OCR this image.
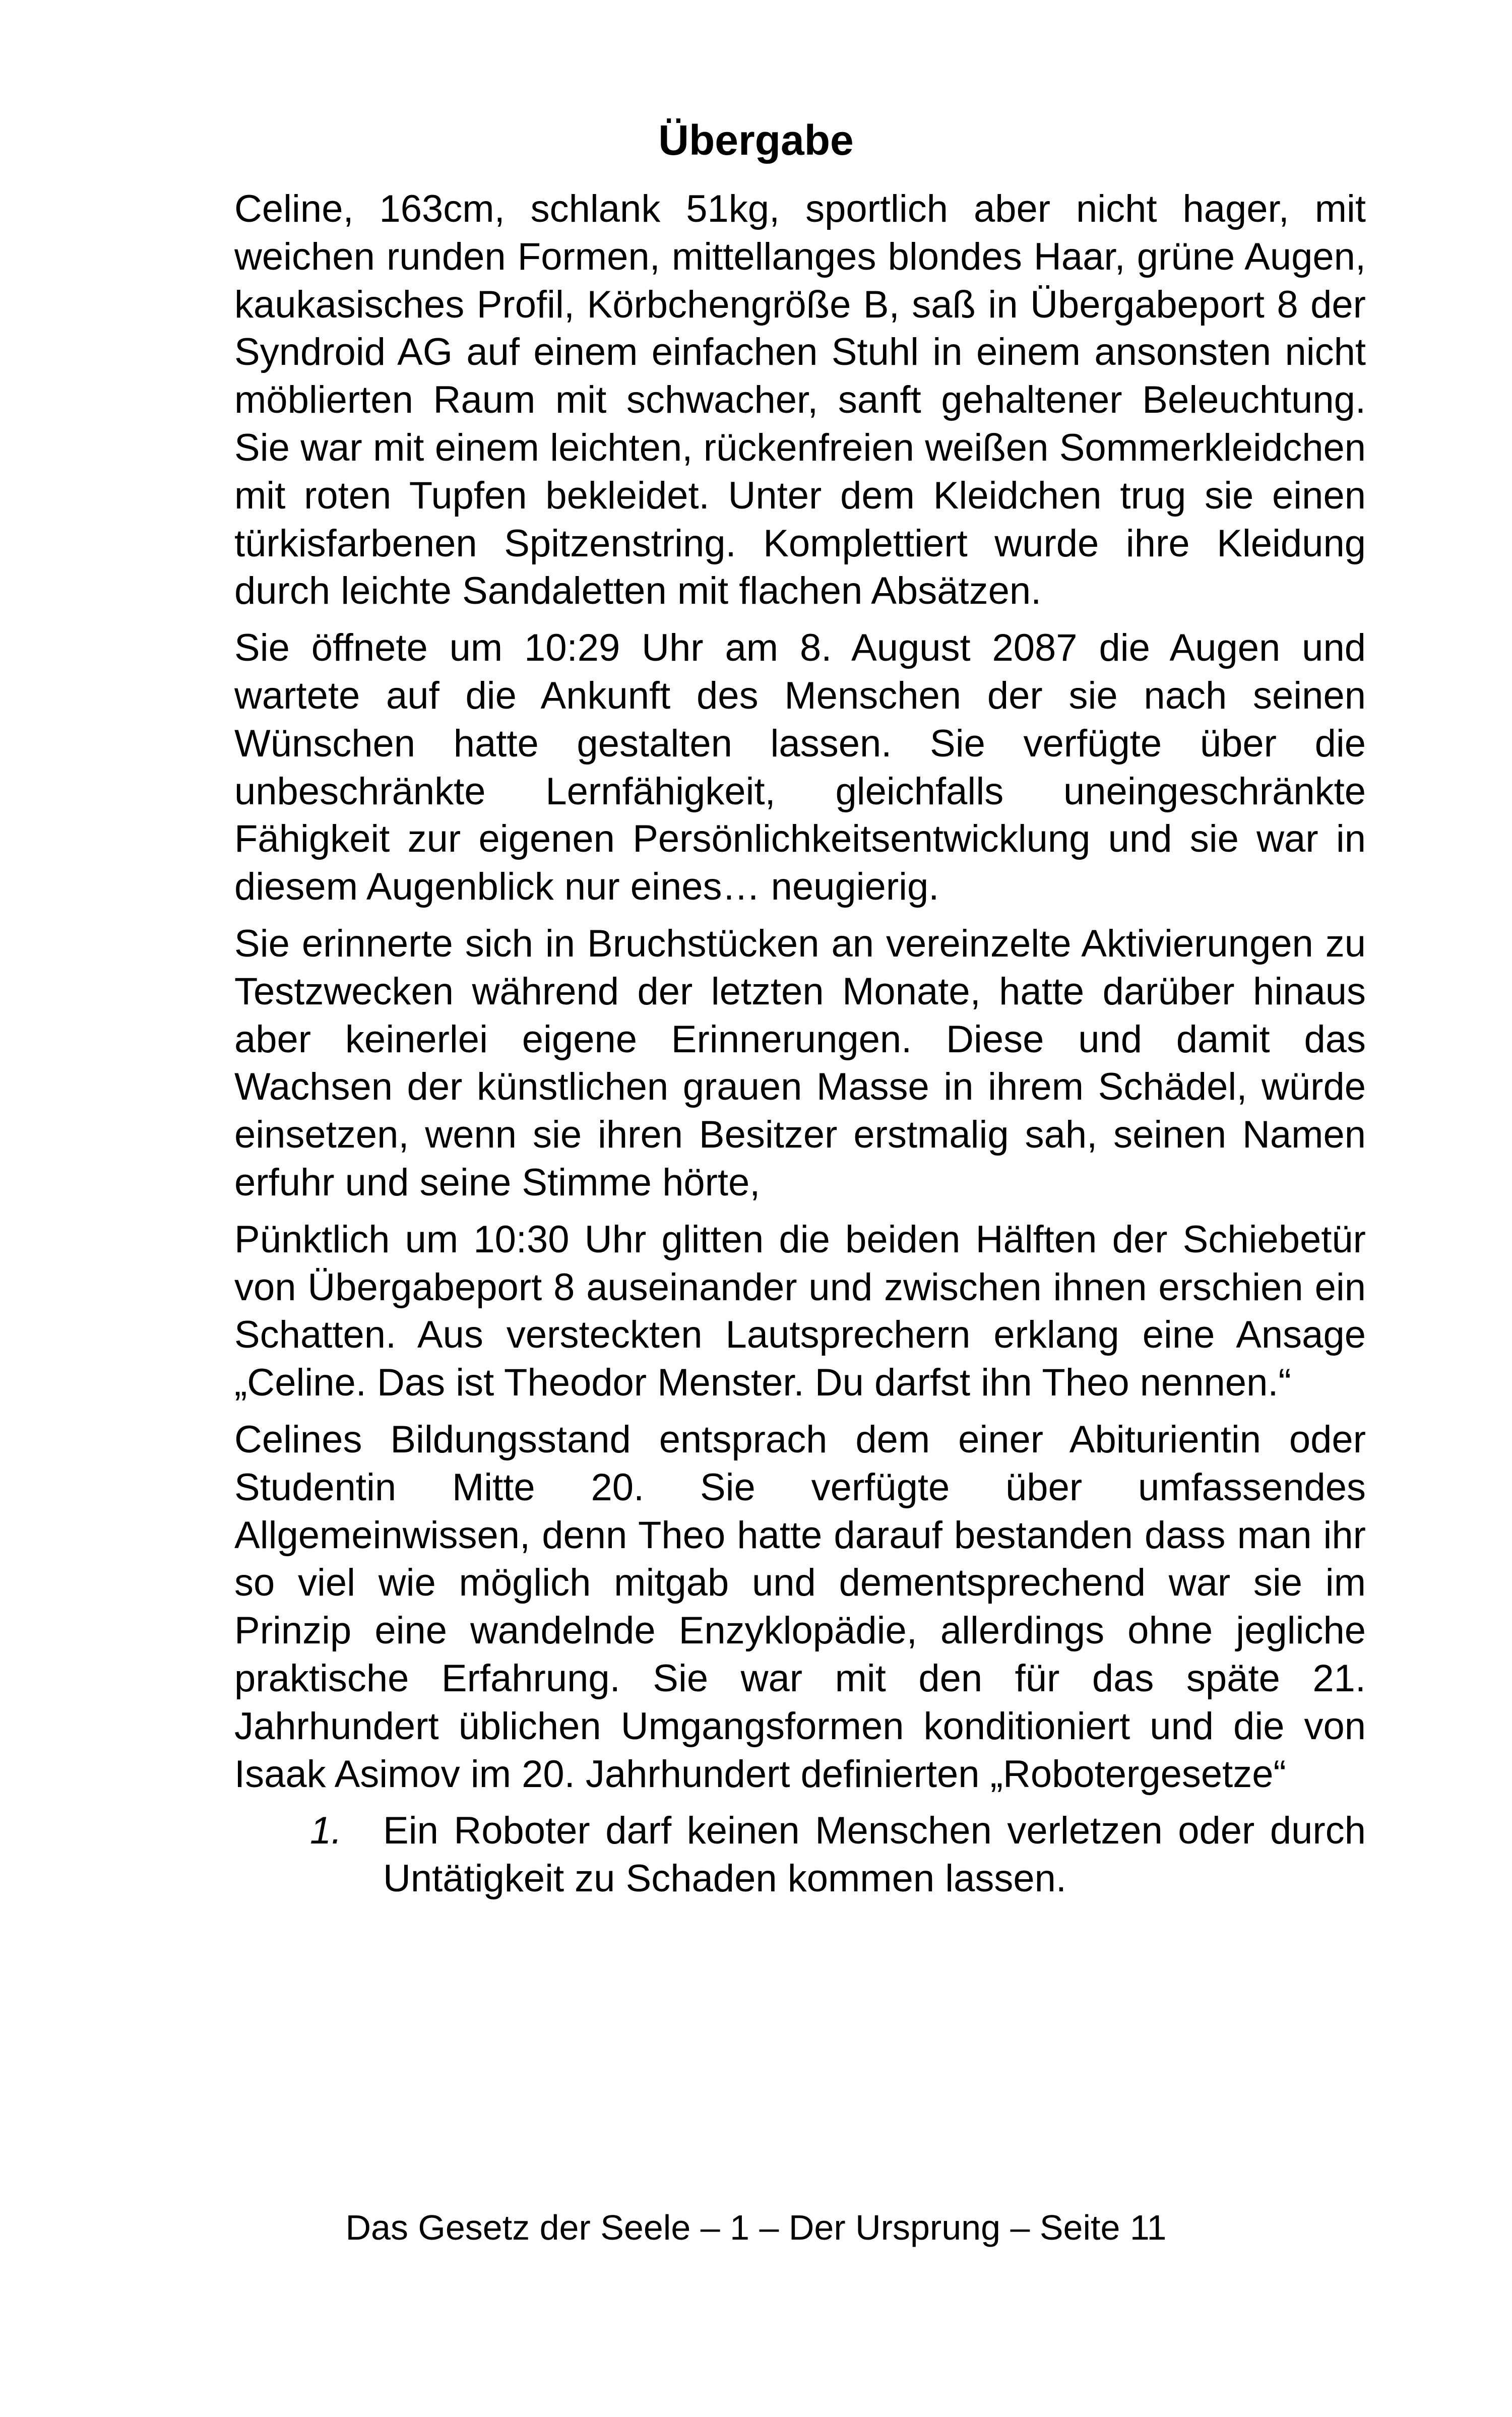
Übergabe

Celine, 163cm, schlank 51kg, sportlich aber nicht hager, mit weichen runden Formen, mittellanges blondes Haar, grüne Augen, kaukasisches Profil, Körbchengröße B, saß in Übergabeport 8 der Syndroid AG auf einem einfachen Stuhl in einem ansonsten nicht möblierten Raum mit schwacher, sanft gehaltener Beleuchtung. Sie war mit einem leichten, rückenfreien weißen Sommerkleidchen mit roten Tupfen bekleidet. Unter dem Kleidchen trug sie einen türkisfarbenen Spitzenstring. Komplettiert wurde ihre Kleidung durch leichte Sandaletten mit flachen Absätzen.

Sie öffnete um 10:29 Uhr am 8. August 2087 die Augen und wartete auf die Ankunft des Menschen der sie nach seinen Wünschen hatte gestalten lassen. Sie verfügte über die unbeschränkte Lernfähigkeit, gleichfalls uneingeschränkte Fähigkeit zur eigenen Persönlichkeitsentwicklung und sie war in diesem Augenblick nur eines… neugierig.

Sie erinnerte sich in Bruchstücken an vereinzelte Aktivierungen zu Testzwecken während der letzten Monate, hatte darüber hinaus aber keinerlei eigene Erinnerungen. Diese und damit das Wachsen der künstlichen grauen Masse in ihrem Schädel, würde einsetzen, wenn sie ihren Besitzer erstmalig sah, seinen Namen erfuhr und seine Stimme hörte,

Pünktlich um 10:30 Uhr glitten die beiden Hälften der Schiebetür von Übergabeport 8 auseinander und zwischen ihnen erschien ein Schatten. Aus versteckten Lautsprechern erklang eine Ansage „Celine. Das ist Theodor Menster. Du darfst ihn Theo nennen.“

Celines Bildungsstand entsprach dem einer Abiturientin oder Studentin Mitte 20. Sie verfügte über umfassendes Allgemeinwissen, denn Theo hatte darauf bestanden dass man ihr so viel wie möglich mitgab und dementsprechend war sie im Prinzip eine wandelnde Enzyklopädie, allerdings ohne jegliche praktische Erfahrung. Sie war mit den für das späte 21. Jahrhundert üblichen Umgangsformen konditioniert und die von Isaak Asimov im 20. Jahrhundert definierten „Robotergesetze“

1. Ein Roboter darf keinen Menschen verletzen oder durch Untätigkeit zu Schaden kommen lassen.

Das Gesetz der Seele – 1 – Der Ursprung – Seite 11
